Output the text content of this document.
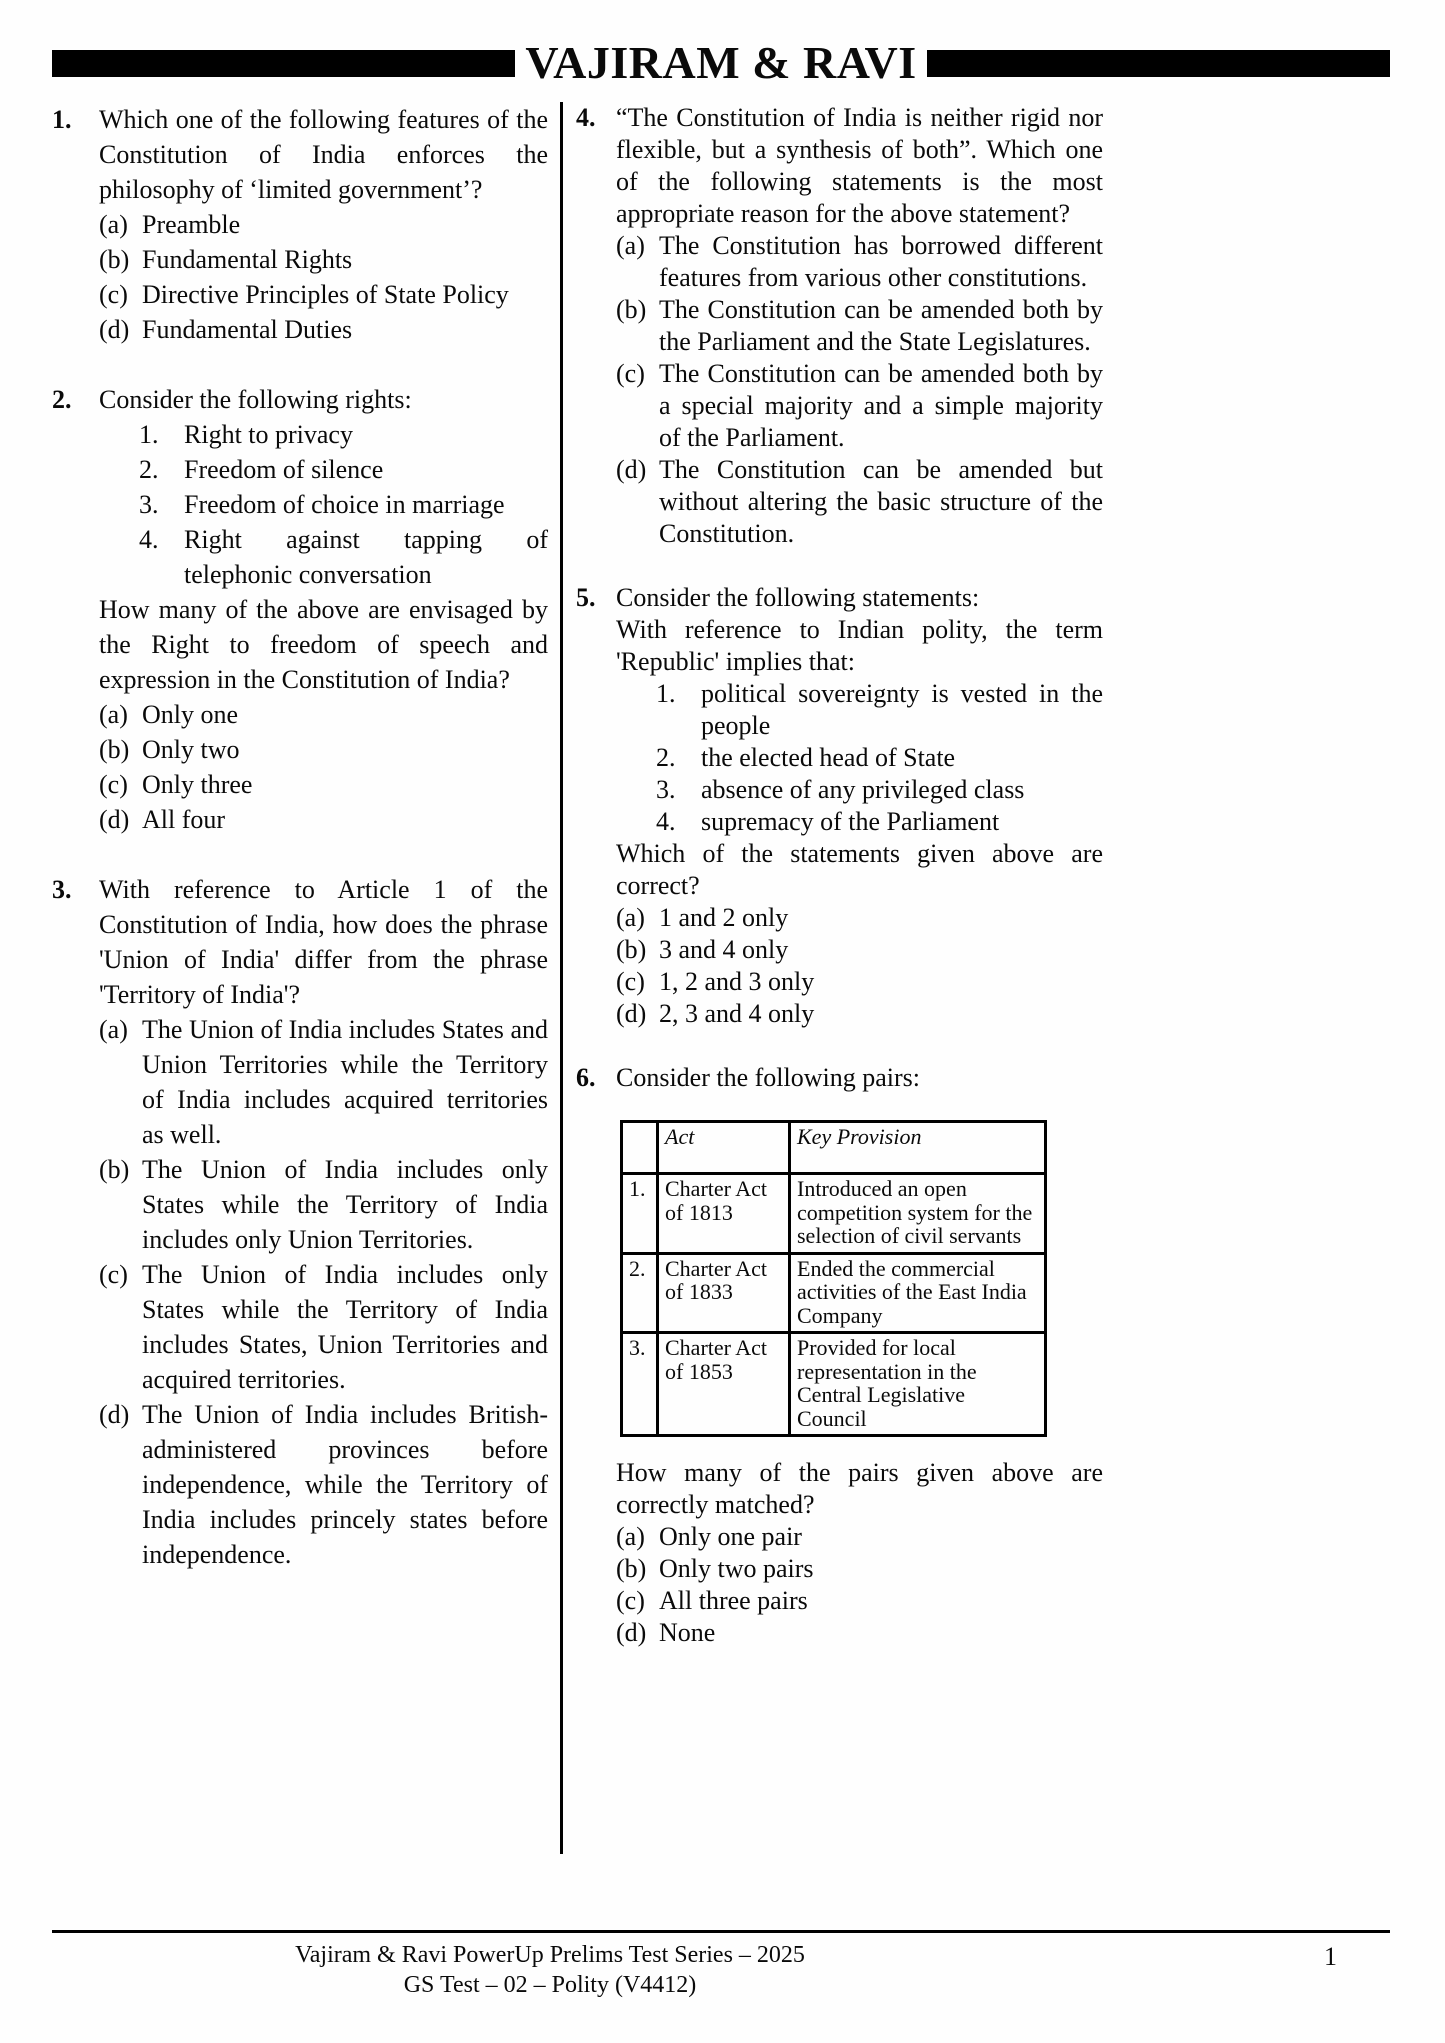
VAJIRAM & RAVI
1. Which one of the following features of the Constitution of India enforces the philosophy of ‘limited government’?

(a) Preamble
(b) Fundamental Rights
(c) Directive Principles of State Policy
(d) Fundamental Duties
2. Consider the following rights:

1. Right to privacy
2. Freedom of silence
3. Freedom of choice in marriage
4. Right against tapping of telephonic conversation

How many of the above are envisaged by the Right to freedom of speech and expression in the Constitution of India?

(a) Only one
(b) Only two
(c) Only three
(d) All four
3. With reference to Article 1 of the Constitution of India, how does the phrase 'Union of India' differ from the phrase 'Territory of India'?

(a) The Union of India includes States and Union Territories while the Territory of India includes acquired territories as well.
(b) The Union of India includes only States while the Territory of India includes only Union Territories.
(c) The Union of India includes only States while the Territory of India includes States, Union Territories and acquired territories.
(d) The Union of India includes British-administered provinces before independence, while the Territory of India includes princely states before independence.
4. “The Constitution of India is neither rigid nor flexible, but a synthesis of both”. Which one of the following statements is the most appropriate reason for the above statement?

(a) The Constitution has borrowed different features from various other constitutions.
(b) The Constitution can be amended both by the Parliament and the State Legislatures.
(c) The Constitution can be amended both by a special majority and a simple majority of the Parliament.
(d) The Constitution can be amended but without altering the basic structure of the Constitution.
5. Consider the following statements:

With reference to Indian polity, the term 'Republic' implies that:

1. political sovereignty is vested in the people
2. the elected head of State
3. absence of any privileged class
4. supremacy of the Parliament

Which of the statements given above are correct?

(a) 1 and 2 only
(b) 3 and 4 only
(c) 1, 2 and 3 only
(d) 2, 3 and 4 only
6. Consider the following pairs:

	Act	Key Provision
1.	Charter Act of 1813	Introduced an open competition system for the selection of civil servants
2.	Charter Act of 1833	Ended the commercial activities of the East India Company
3.	Charter Act of 1853	Provided for local representation in the Central Legislative Council

How many of the pairs given above are correctly matched?

(a) Only one pair
(b) Only two pairs
(c) All three pairs
(d) None
Vajiram & Ravi PowerUp Prelims Test Series – 2025
GS Test – 02 – Polity (V4412)
1
